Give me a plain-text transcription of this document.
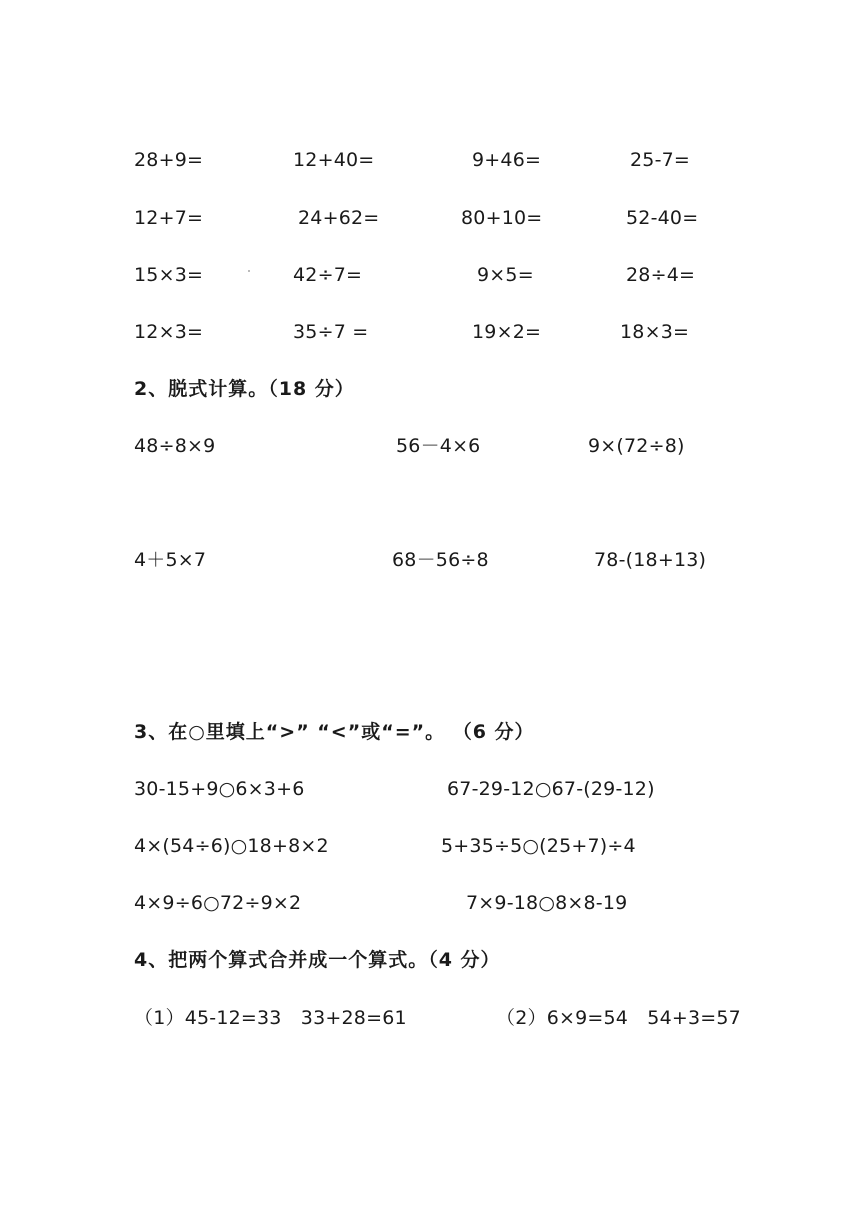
28+9=	12+40=	9+46=	25-7=
12+7=	24+62=	80+10=	52-40=
15×3=	42÷7=	9×5=	28÷4=
12×3=	35÷7 =	19×2=	18×3=
2、脱式计算。（18 分）
48÷8×9	56－4×6	9×(72÷8)
4＋5×7	68－56÷8	78-(18+13)
3、在○里填上“>” “<”或“=”。 （6 分）
30-15+9○6×3+6	67-29-12○67-(29-12)
4×(54÷6)○18+8×2	5+35÷5○(25+7)÷4
4×9÷6○72÷9×2	7×9-18○8×8-19
4、把两个算式合并成一个算式。（4 分）
（1）45-12=33　33+28=61	（2）6×9=54　54+3=57
